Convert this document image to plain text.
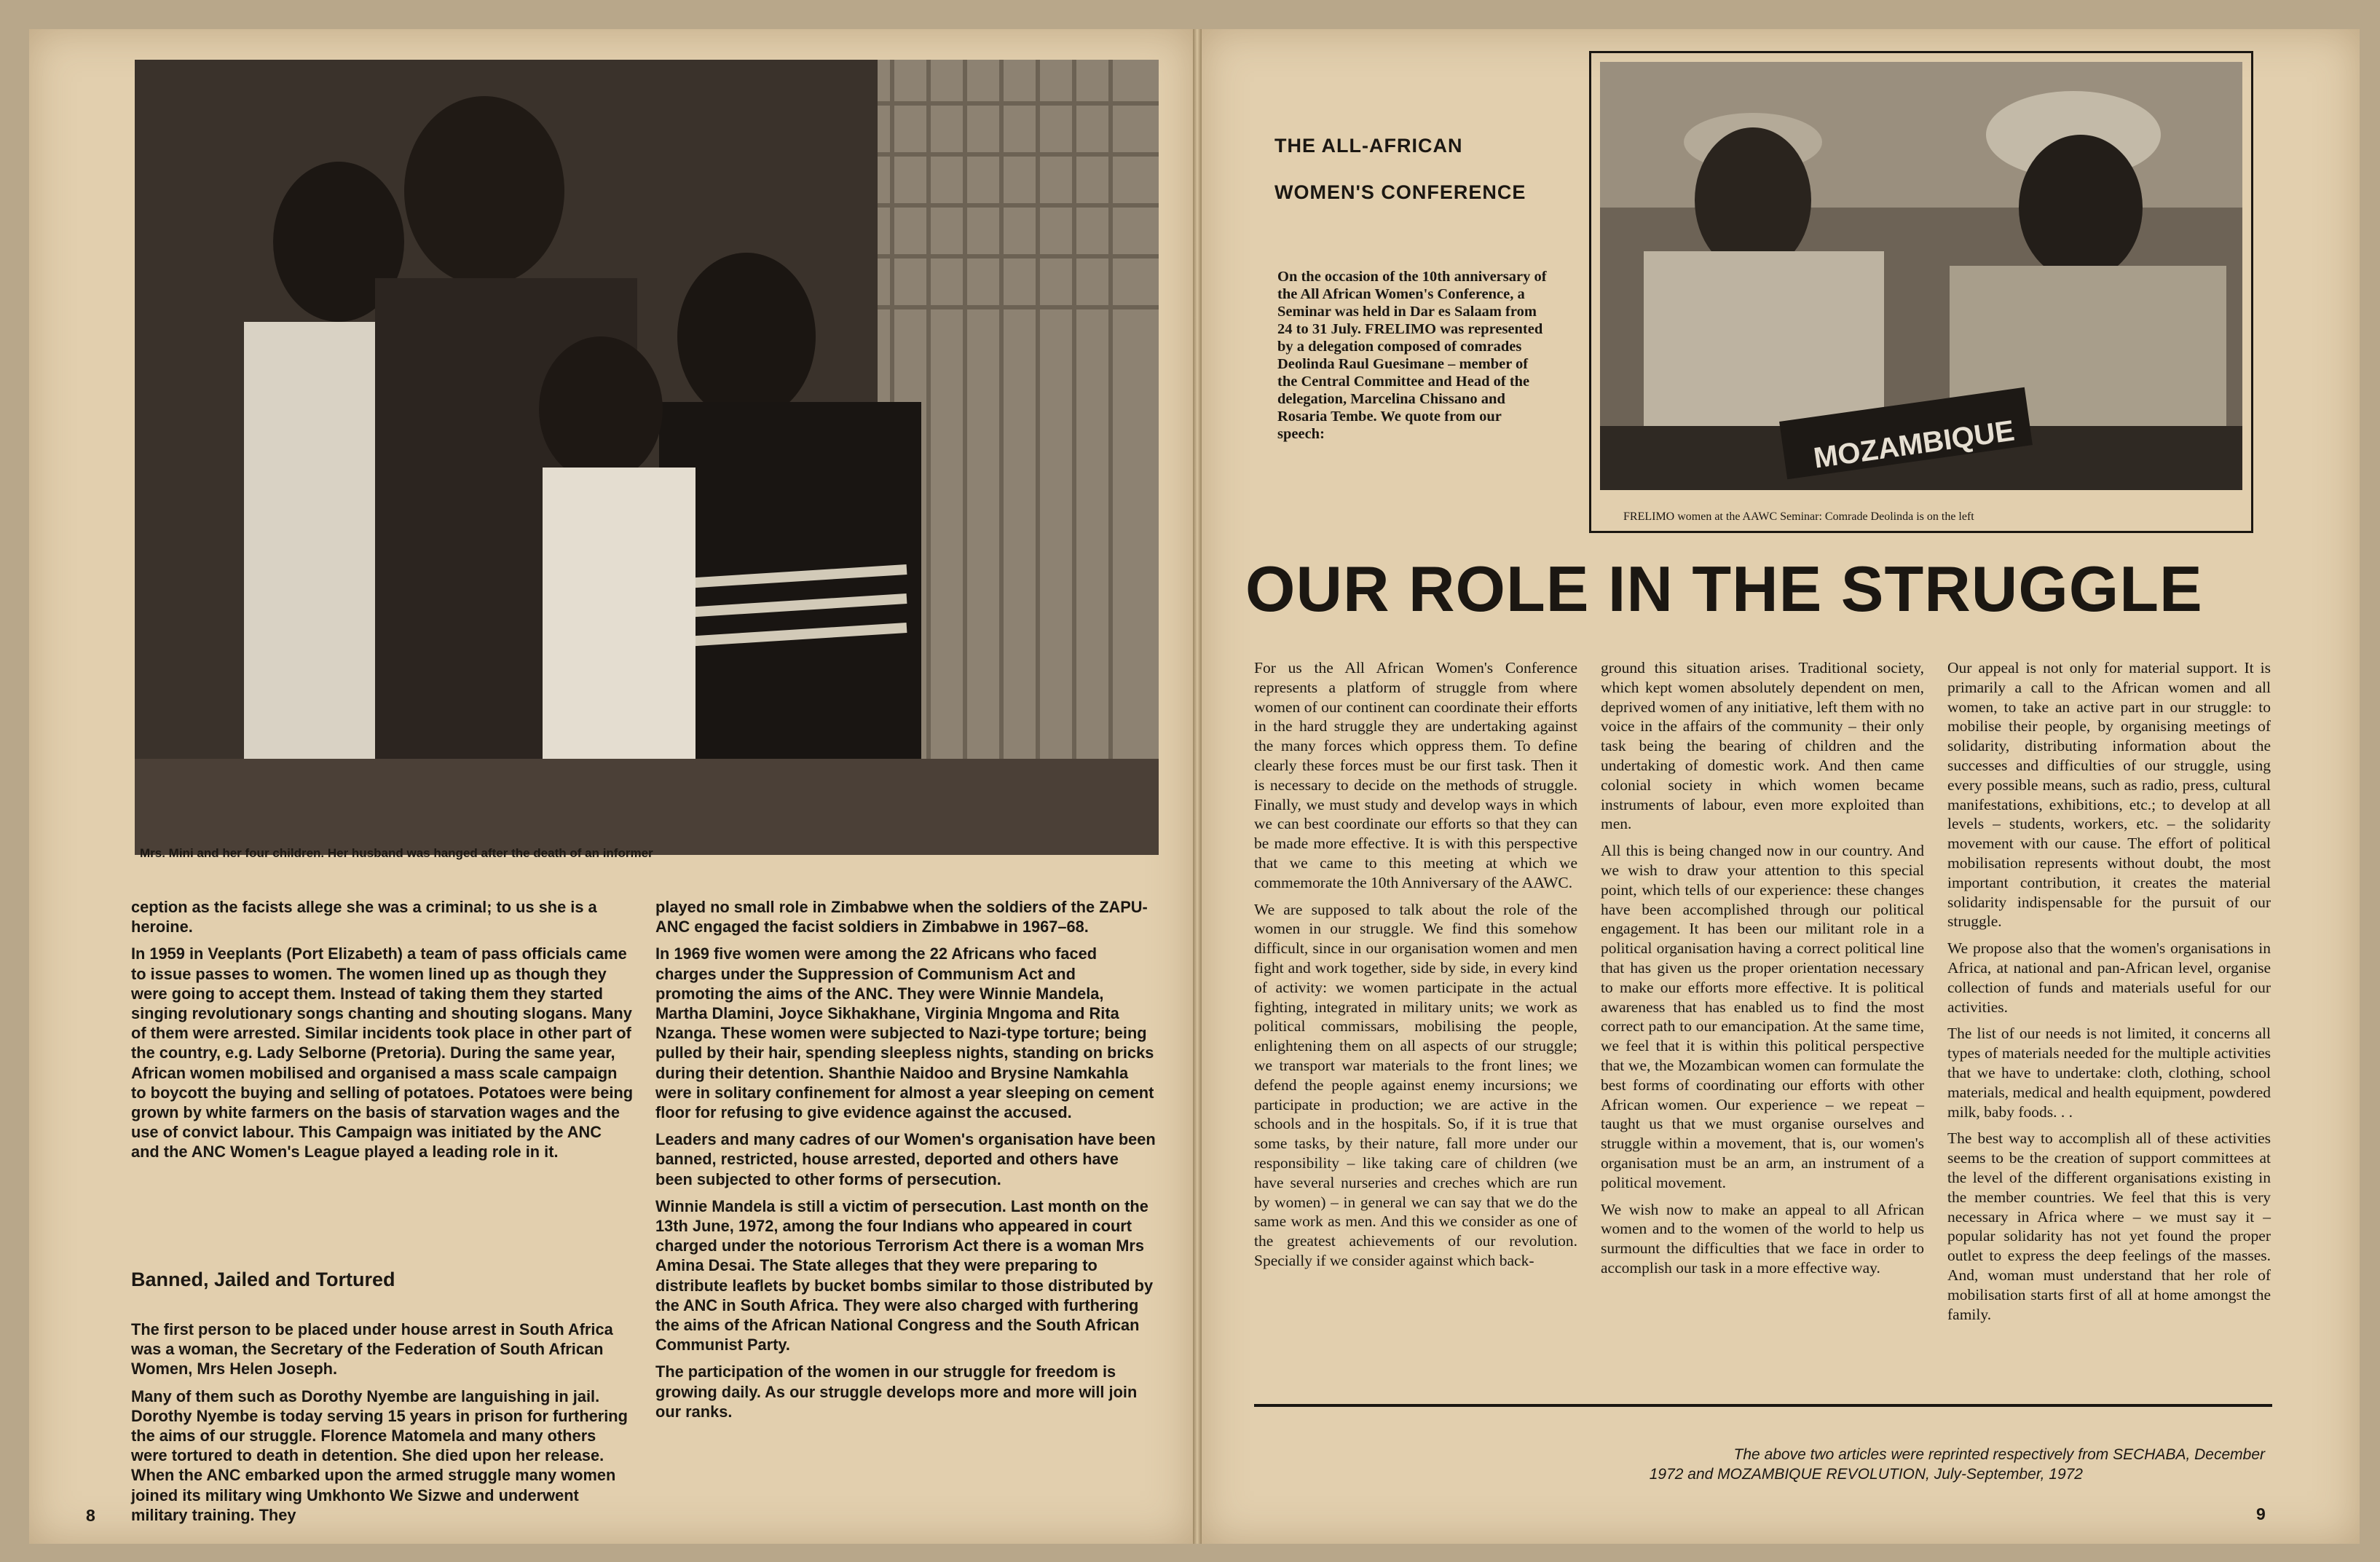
Mrs. Mini and her four children. Her husband was hanged after the death of an informer

ception as the facists allege she was a criminal; to us she is a heroine.

In 1959 in Veeplants (Port Elizabeth) a team of pass officials came to issue passes to women. The women lined up as though they were going to accept them. Instead of taking them they started singing revolutionary songs chanting and shouting slogans. Many of them were arrested. Similar incidents took place in other part of the country, e.g. Lady Selborne (Pretoria). During the same year, African women mobilised and organised a mass scale campaign to boycott the buying and selling of potatoes. Potatoes were being grown by white farmers on the basis of starvation wages and the use of convict labour. This Campaign was initiated by the ANC and the ANC Women's League played a leading role in it.

Banned, Jailed and Tortured

The first person to be placed under house arrest in South Africa was a woman, the Secretary of the Federation of South African Women, Mrs Helen Joseph.

Many of them such as Dorothy Nyembe are languishing in jail. Dorothy Nyembe is today serving 15 years in prison for furthering the aims of our struggle. Florence Matomela and many others were tortured to death in detention. She died upon her release. When the ANC embarked upon the armed struggle many women joined its military wing Umkhonto We Sizwe and underwent military training. They

played no small role in Zimbabwe when the soldiers of the ZAPU-ANC engaged the facist soldiers in Zimbabwe in 1967–68.

In 1969 five women were among the 22 Africans who faced charges under the Suppression of Communism Act and promoting the aims of the ANC. They were Winnie Mandela, Martha Dlamini, Joyce Sikhakhane, Virginia Mngoma and Rita Nzanga. These women were subjected to Nazi-type torture; being pulled by their hair, spending sleepless nights, standing on bricks during their detention. Shanthie Naidoo and Brysine Namkahla were in solitary confinement for almost a year sleeping on cement floor for refusing to give evidence against the accused.

Leaders and many cadres of our Women's organisation have been banned, restricted, house arrested, deported and others have been subjected to other forms of persecution.

Winnie Mandela is still a victim of persecution. Last month on the 13th June, 1972, among the four Indians who appeared in court charged under the notorious Terrorism Act there is a woman Mrs Amina Desai. The State alleges that they were preparing to distribute leaflets by bucket bombs similar to those distributed by the ANC in South Africa. They were also charged with furthering the aims of the African National Congress and the South African Communist Party.

The participation of the women in our struggle for freedom is growing daily. As our struggle develops more and more will join our ranks.

8
THE ALL-AFRICAN
WOMEN'S CONFERENCE
On the occasion of the 10th anniversary of the All African Women's Conference, a Seminar was held in Dar es Salaam from 24 to 31 July. FRELIMO was represented by a delegation composed of comrades Deolinda Raul Guesimane – member of the Central Committee and Head of the delegation, Marcelina Chissano and Rosaria Tembe. We quote from our speech:	MOZAMBIQUE
FRELIMO women at the AAWC Seminar: Comrade Deolinda is on the left
OUR ROLE IN THE STRUGGLE

For us the All African Women's Conference represents a platform of struggle from where women of our continent can coordinate their efforts in the hard struggle they are undertaking against the many forces which oppress them. To define clearly these forces must be our first task. Then it is necessary to decide on the methods of struggle. Finally, we must study and develop ways in which we can best coordinate our efforts so that they can be made more effective. It is with this perspective that we came to this meeting at which we commemorate the 10th Anniversary of the AAWC.

We are supposed to talk about the role of the women in our struggle. We find this somehow difficult, since in our organisation women and men fight and work together, side by side, in every kind of activity: we women participate in the actual fighting, integrated in military units; we work as political commissars, mobilising the people, enlightening them on all aspects of our struggle; we transport war materials to the front lines; we defend the people against enemy incursions; we participate in production; we are active in the schools and in the hospitals. So, if it is true that some tasks, by their nature, fall more under our responsibility – like taking care of children (we have several nurseries and creches which are run by women) – in general we can say that we do the same work as men. And this we consider as one of the greatest achievements of our revolution. Specially if we consider against which back-

ground this situation arises. Traditional society, which kept women absolutely dependent on men, deprived women of any initiative, left them with no voice in the affairs of the community – their only task being the bearing of children and the undertaking of domestic work. And then came colonial society in which women became instruments of labour, even more exploited than men.

All this is being changed now in our country. And we wish to draw your attention to this special point, which tells of our experience: these changes have been accomplished through our political engagement. It has been our militant role in a political organisation having a correct political line that has given us the proper orientation necessary to make our efforts more effective. It is political awareness that has enabled us to find the most correct path to our emancipation. At the same time, we feel that it is within this political perspective that we, the Mozambican women can formulate the best forms of coordinating our efforts with other African women. Our experience – we repeat – taught us that we must organise ourselves and struggle within a movement, that is, our women's organisation must be an arm, an instrument of a political movement.

We wish now to make an appeal to all African women and to the women of the world to help us surmount the difficulties that we face in order to accomplish our task in a more effective way.

Our appeal is not only for material support. It is primarily a call to the African women and all women, to take an active part in our struggle: to mobilise their people, by organising meetings of solidarity, distributing information about the successes and difficulties of our struggle, using every possible means, such as radio, press, cultural manifestations, exhibitions, etc.; to develop at all levels – students, workers, etc. – the solidarity movement with our cause. The effort of political mobilisation represents without doubt, the most important contribution, it creates the material solidarity indispensable for the pursuit of our struggle.

We propose also that the women's organisations in Africa, at national and pan-African level, organise collection of funds and materials useful for our activities.

The list of our needs is not limited, it concerns all types of materials needed for the multiple activities that we have to undertake: cloth, clothing, school materials, medical and health equipment, powdered milk, baby foods. . .

The best way to accomplish all of these activities seems to be the creation of support committees at the level of the different organisations existing in the member countries. We feel that this is very necessary in Africa where – we must say it – popular solidarity has not yet found the proper outlet to express the deep feelings of the masses. And, woman must understand that her role of mobilisation starts first of all at home amongst the family.

The above two articles were reprinted respectively from SECHABA, December
1972 and MOZAMBIQUE REVOLUTION, July-September, 1972
9
